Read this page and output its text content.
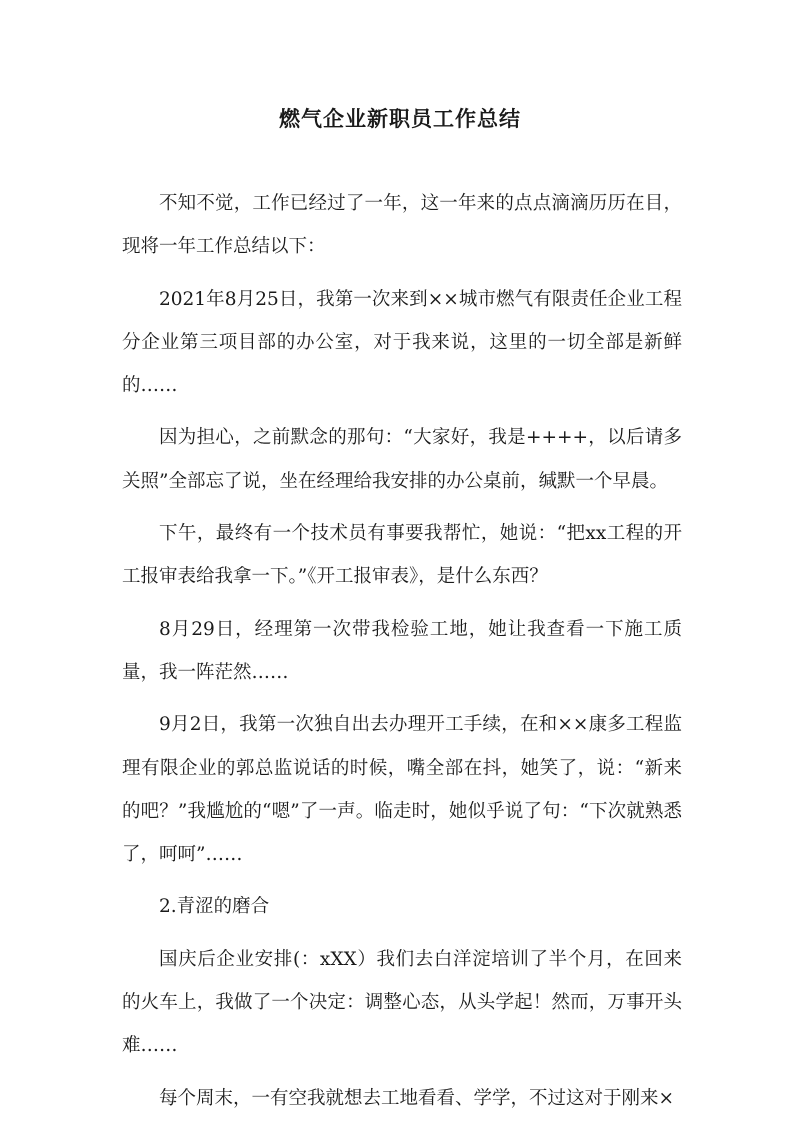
燃气企业新职员工作总结

不知不觉，工作已经过了一年，这一年来的点点滴滴历历在目，现将一年工作总结以下：

2021年8月25日，我第一次来到××城市燃气有限责任企业工程分企业第三项目部的办公室，对于我来说，这里的一切全部是新鲜的……

因为担心，之前默念的那句：“大家好，我是++++，以后请多关照”全部忘了说，坐在经理给我安排的办公桌前，缄默一个早晨。

下午，最终有一个技术员有事要我帮忙，她说：“把xx工程的开工报审表给我拿一下。”《开工报审表》，是什么东西？

8月29日，经理第一次带我检验工地，她让我查看一下施工质量，我一阵茫然……

9月2日，我第一次独自出去办理开工手续，在和××康多工程监理有限企业的郭总监说话的时候，嘴全部在抖，她笑了，说：“新来的吧？”我尴尬的“嗯”了一声。临走时，她似乎说了句：“下次就熟悉了，呵呵”……

2.青涩的磨合

国庆后企业安排(：xXX）我们去白洋淀培训了半个月，在回来的火车上，我做了一个决定：调整心态，从头学起！然而，万事开头难……

每个周末，一有空我就想去工地看看、学学，不过这对于刚来×
